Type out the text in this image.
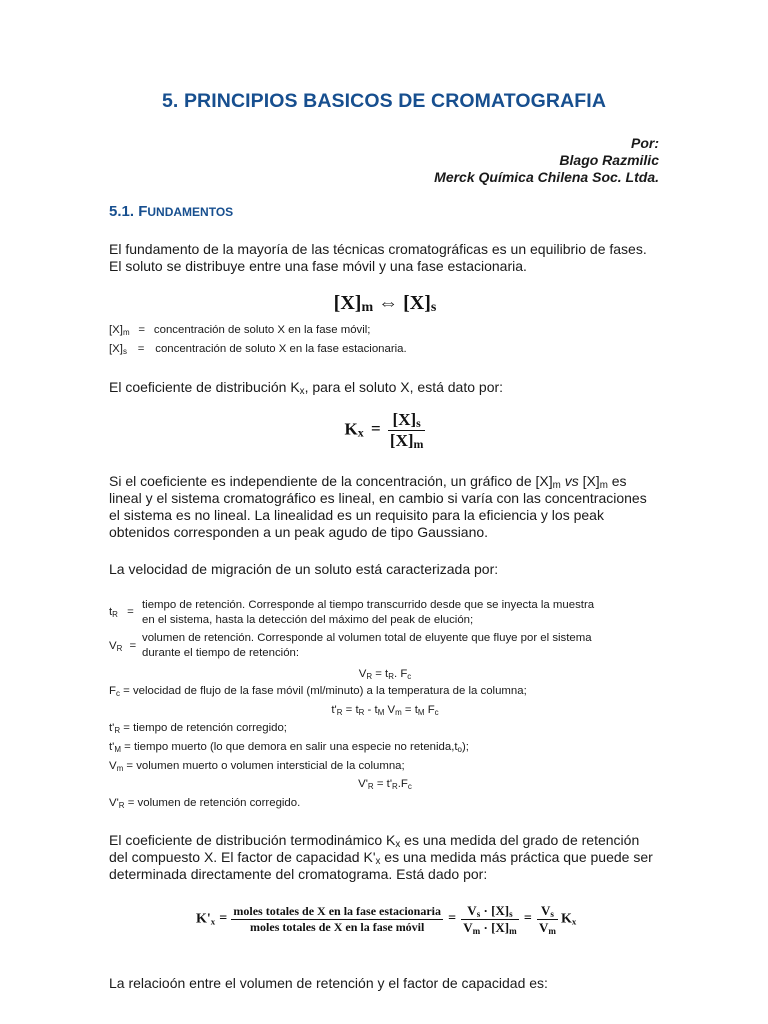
5. PRINCIPIOS BASICOS DE CROMATOGRAFIA
Por:
Blago Razmilic
Merck Química Chilena Soc. Ltda.
5.1. FUNDAMENTOS
El fundamento de la mayoría de las técnicas cromatográficas es un equilibrio de fases. El soluto se distribuye entre una fase móvil y una fase estacionaria.
$[X]_m$ ⇔ $[X]_s$
$[X]_m$ = concentración de soluto X en la fase móvil;
$[X]_s$ = concentración de soluto X en la fase estacionaria.
El coeficiente de distribución $K_x$, para el soluto X, está dato por:
$K_x = \frac{[X]_s}{[X]_m}$
Si el coeficiente es independiente de la concentración, un gráfico de $[X]_m$ vs $[X]_m$ es lineal y el sistema cromatográfico es lineal, en cambio si varía con las concentraciones el sistema es no lineal. La linealidad es un requisito para la eficiencia y los peak obtenidos corresponden a un peak agudo de tipo Gaussiano.
La velocidad de migración de un soluto está caracterizada por:
$t_R$ =
tiempo de retención. Corresponde al tiempo transcurrido desde que se inyecta la muestra
en el sistema, hasta la detección del máximo del peak de elución;
$V_R$ =
volumen de retención. Corresponde al volumen total de eluyente que fluye por el sistema
durante el tiempo de retención:
$V_R = t_R$. $F_c$
$F_c$ = velocidad de flujo de la fase móvil (ml/minuto) a la temperatura de la columna;
$t'_R = t_R - t_M$ $V_m = t_M$ $F_c$
$t'_R$ = tiempo de retención corregido;
$t'_M$ = tiempo muerto (lo que demora en salir una especie no $retenida,t_o$);
$V_m$ = volumen muerto o volumen intersticial de la columna;
$V'_R = t'_R.F_c$
$V'_R$ = volumen de retención corregido.
El coeficiente de distribución termodinámico $K_x$ es una medida del grado de retención del compuesto X. El factor de capacidad $K'_x$ es una medida más práctica que puede ser determinada directamente del cromatograma. Está dado por:
$K'_x = \frac{\text{moles totales de X en la fase estacionaria}}{\text{moles totales de X en la fase móvil}} = \frac{V_s \cdot [X]_s}{V_m \cdot [X]_m} = \frac{V_s}{V_m} K_x$
La relacioón entre el volumen de retención y el factor de capacidad es:
